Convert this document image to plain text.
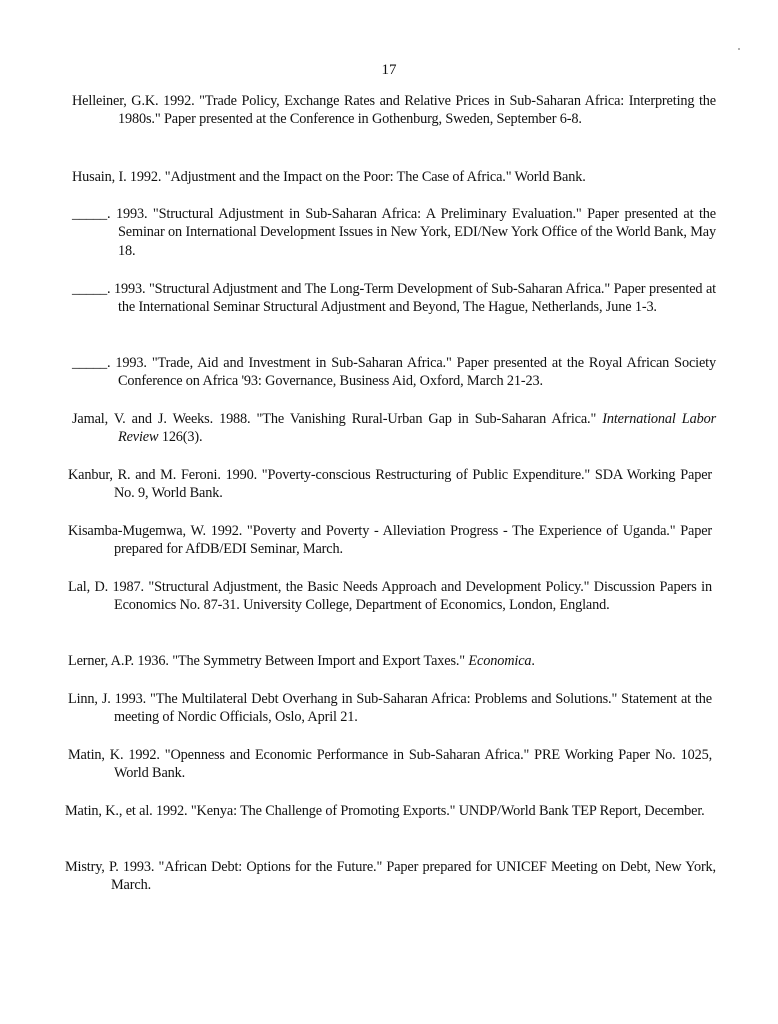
17
Helleiner, G.K. 1992. "Trade Policy, Exchange Rates and Relative Prices in Sub-Saharan Africa: Interpreting the 1980s." Paper presented at the Conference in Gothenburg, Sweden, September 6-8.
Husain, I. 1992. "Adjustment and the Impact on the Poor: The Case of Africa." World Bank.
_____. 1993. "Structural Adjustment in Sub-Saharan Africa: A Preliminary Evaluation." Paper presented at the Seminar on International Development Issues in New York, EDI/New York Office of the World Bank, May 18.
_____. 1993. "Structural Adjustment and The Long-Term Development of Sub-Saharan Africa." Paper presented at the International Seminar Structural Adjustment and Beyond, The Hague, Netherlands, June 1-3.
_____. 1993. "Trade, Aid and Investment in Sub-Saharan Africa." Paper presented at the Royal African Society Conference on Africa '93: Governance, Business Aid, Oxford, March 21-23.
Jamal, V. and J. Weeks. 1988. "The Vanishing Rural-Urban Gap in Sub-Saharan Africa." International Labor Review 126(3).
Kanbur, R. and M. Feroni. 1990. "Poverty-conscious Restructuring of Public Expenditure." SDA Working Paper No. 9, World Bank.
Kisamba-Mugemwa, W. 1992. "Poverty and Poverty - Alleviation Progress - The Experience of Uganda." Paper prepared for AfDB/EDI Seminar, March.
Lal, D. 1987. "Structural Adjustment, the Basic Needs Approach and Development Policy." Discussion Papers in Economics No. 87-31. University College, Department of Economics, London, England.
Lerner, A.P. 1936. "The Symmetry Between Import and Export Taxes." Economica.
Linn, J. 1993. "The Multilateral Debt Overhang in Sub-Saharan Africa: Problems and Solutions." Statement at the meeting of Nordic Officials, Oslo, April 21.
Matin, K. 1992. "Openness and Economic Performance in Sub-Saharan Africa." PRE Working Paper No. 1025, World Bank.
Matin, K., et al. 1992. "Kenya: The Challenge of Promoting Exports." UNDP/World Bank TEP Report, December.
Mistry, P. 1993. "African Debt: Options for the Future." Paper prepared for UNICEF Meeting on Debt, New York, March.
